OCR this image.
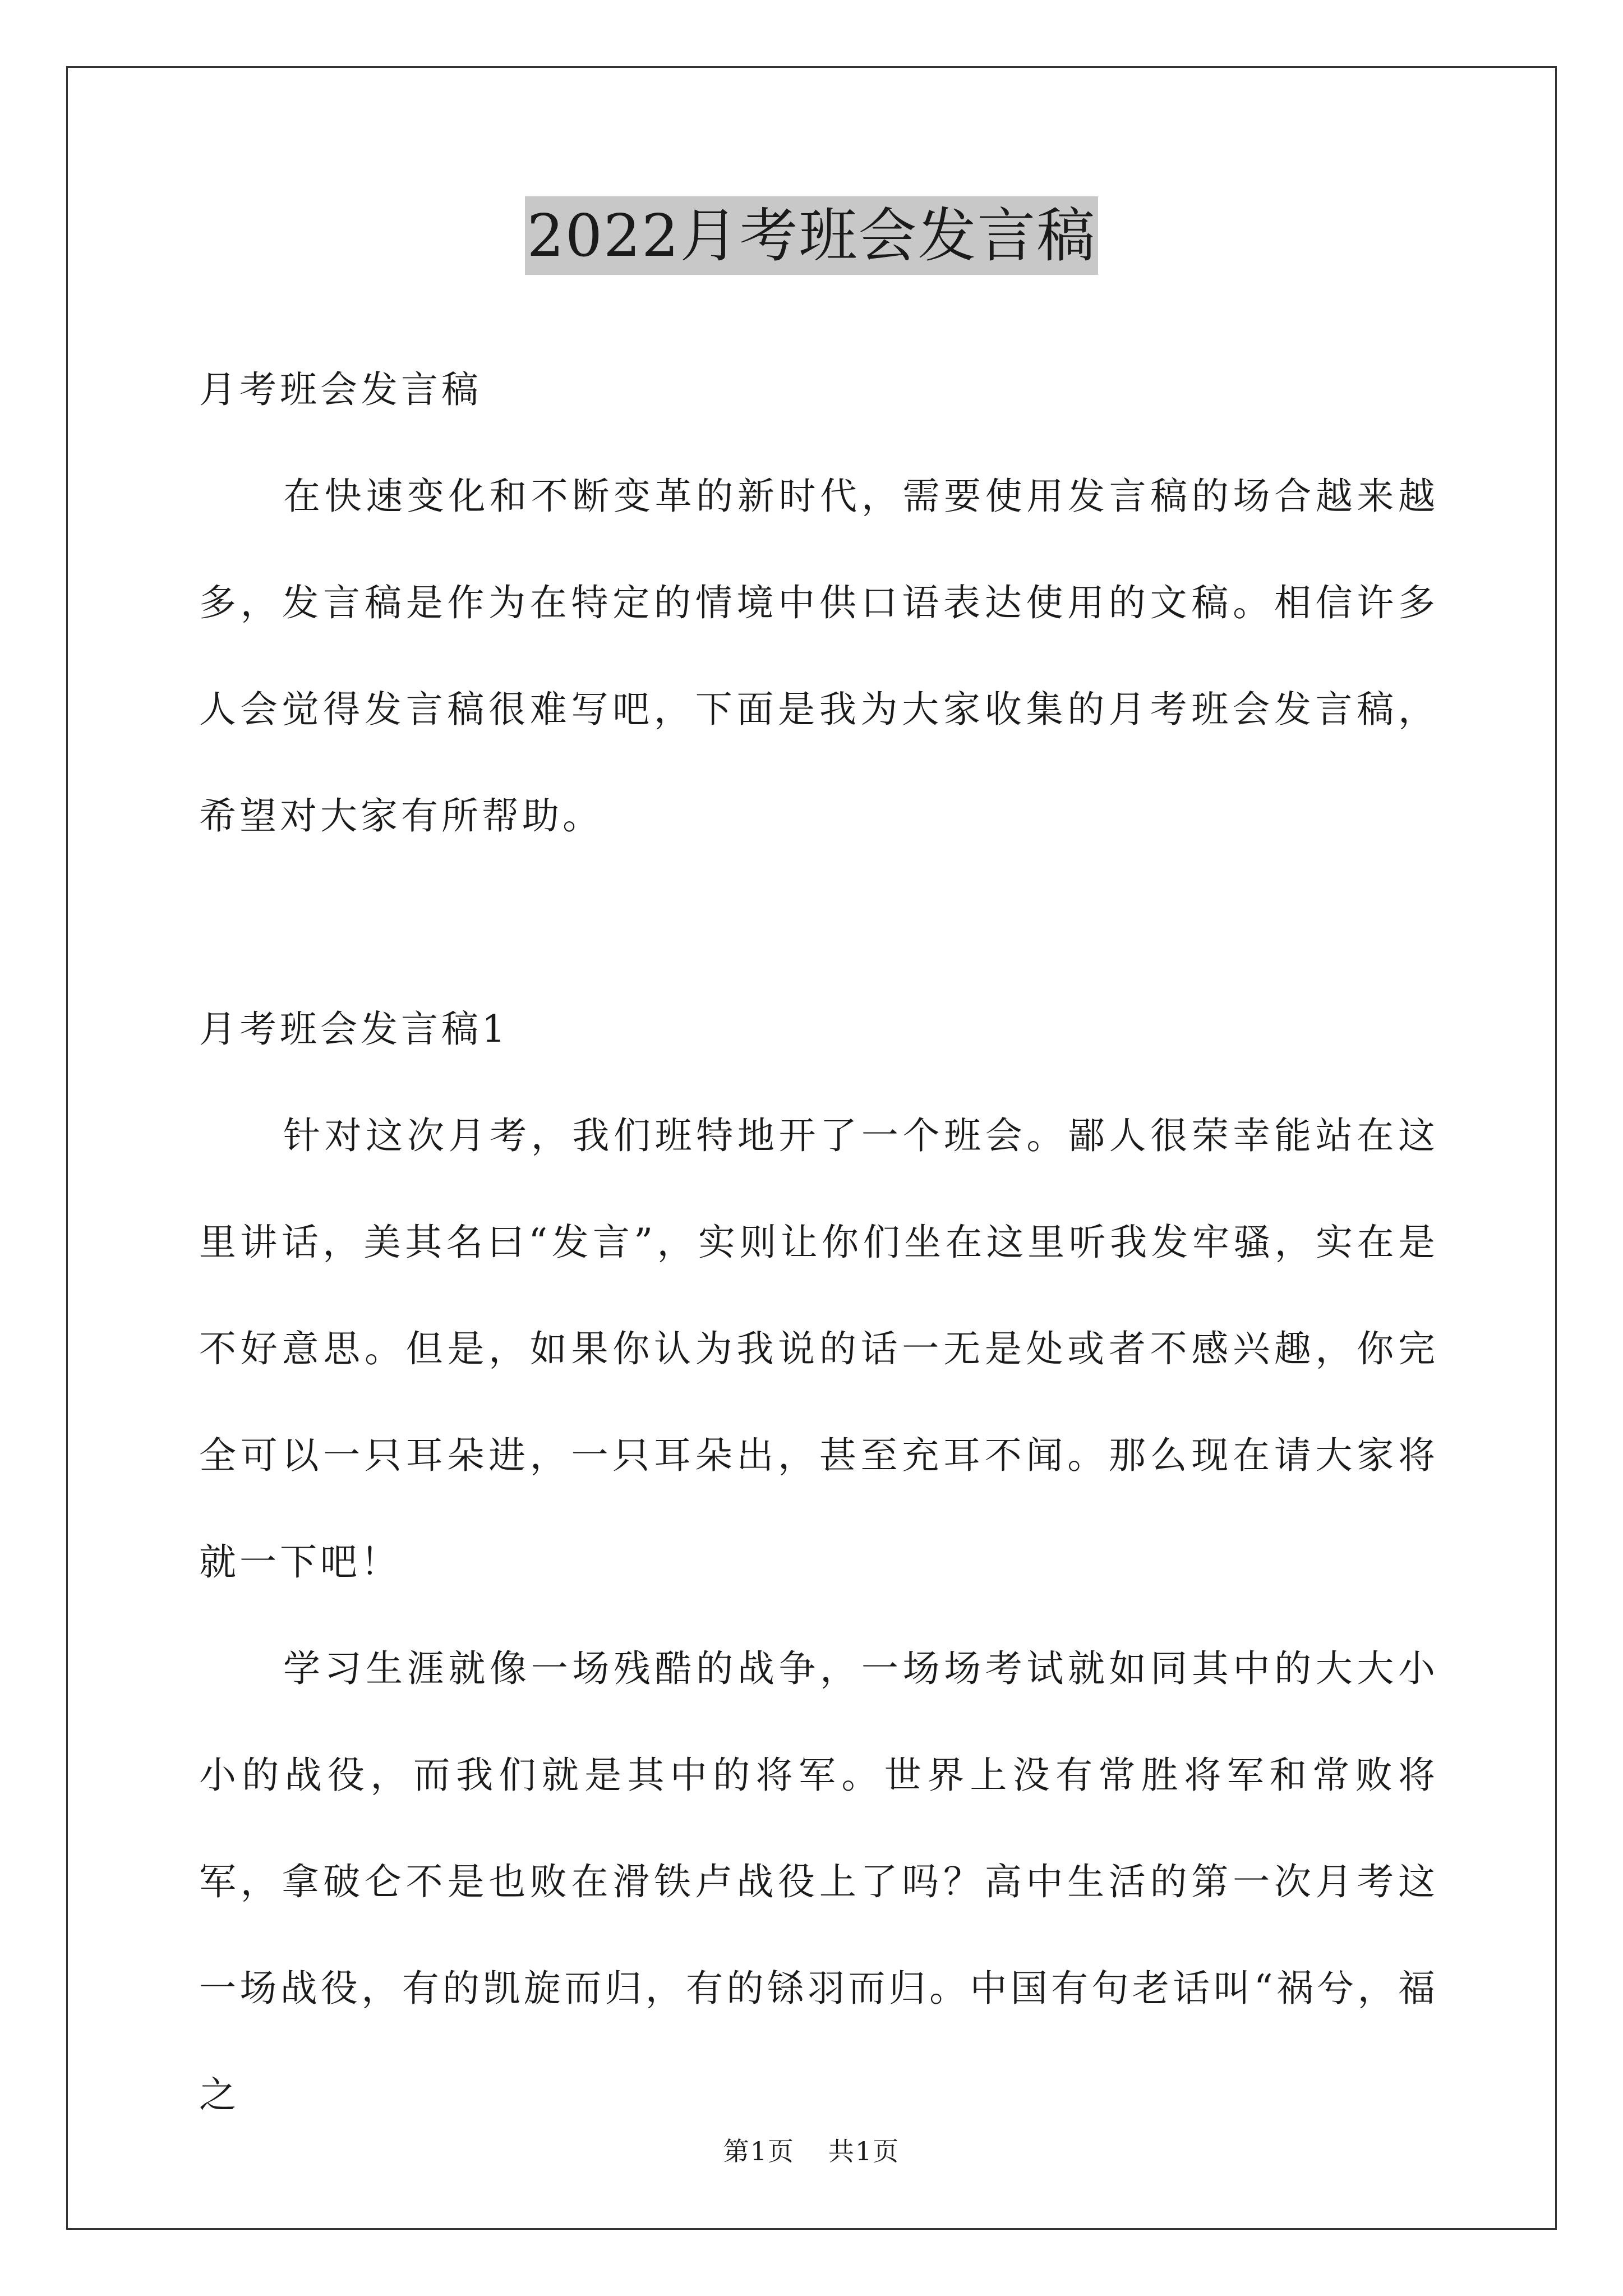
2022月考班会发言稿

月考班会发言稿

在快速变化和不断变革的新时代，需要使用发言稿的场合越来越多，发言稿是作为在特定的情境中供口语表达使用的文稿。相信许多人会觉得发言稿很难写吧，下面是我为大家收集的月考班会发言稿，希望对大家有所帮助。

月考班会发言稿1

针对这次月考，我们班特地开了一个班会。鄙人很荣幸能站在这里讲话，美其名曰“发言”，实则让你们坐在这里听我发牢骚，实在是不好意思。但是，如果你认为我说的话一无是处或者不感兴趣，你完全可以一只耳朵进，一只耳朵出，甚至充耳不闻。那么现在请大家将就一下吧！

学习生涯就像一场残酷的战争，一场场考试就如同其中的大大小小的战役，而我们就是其中的将军。世界上没有常胜将军和常败将军，拿破仑不是也败在滑铁卢战役上了吗？高中生活的第一次月考这一场战役，有的凯旋而归，有的铩羽而归。中国有句老话叫“祸兮，福之

第1页 共1页
